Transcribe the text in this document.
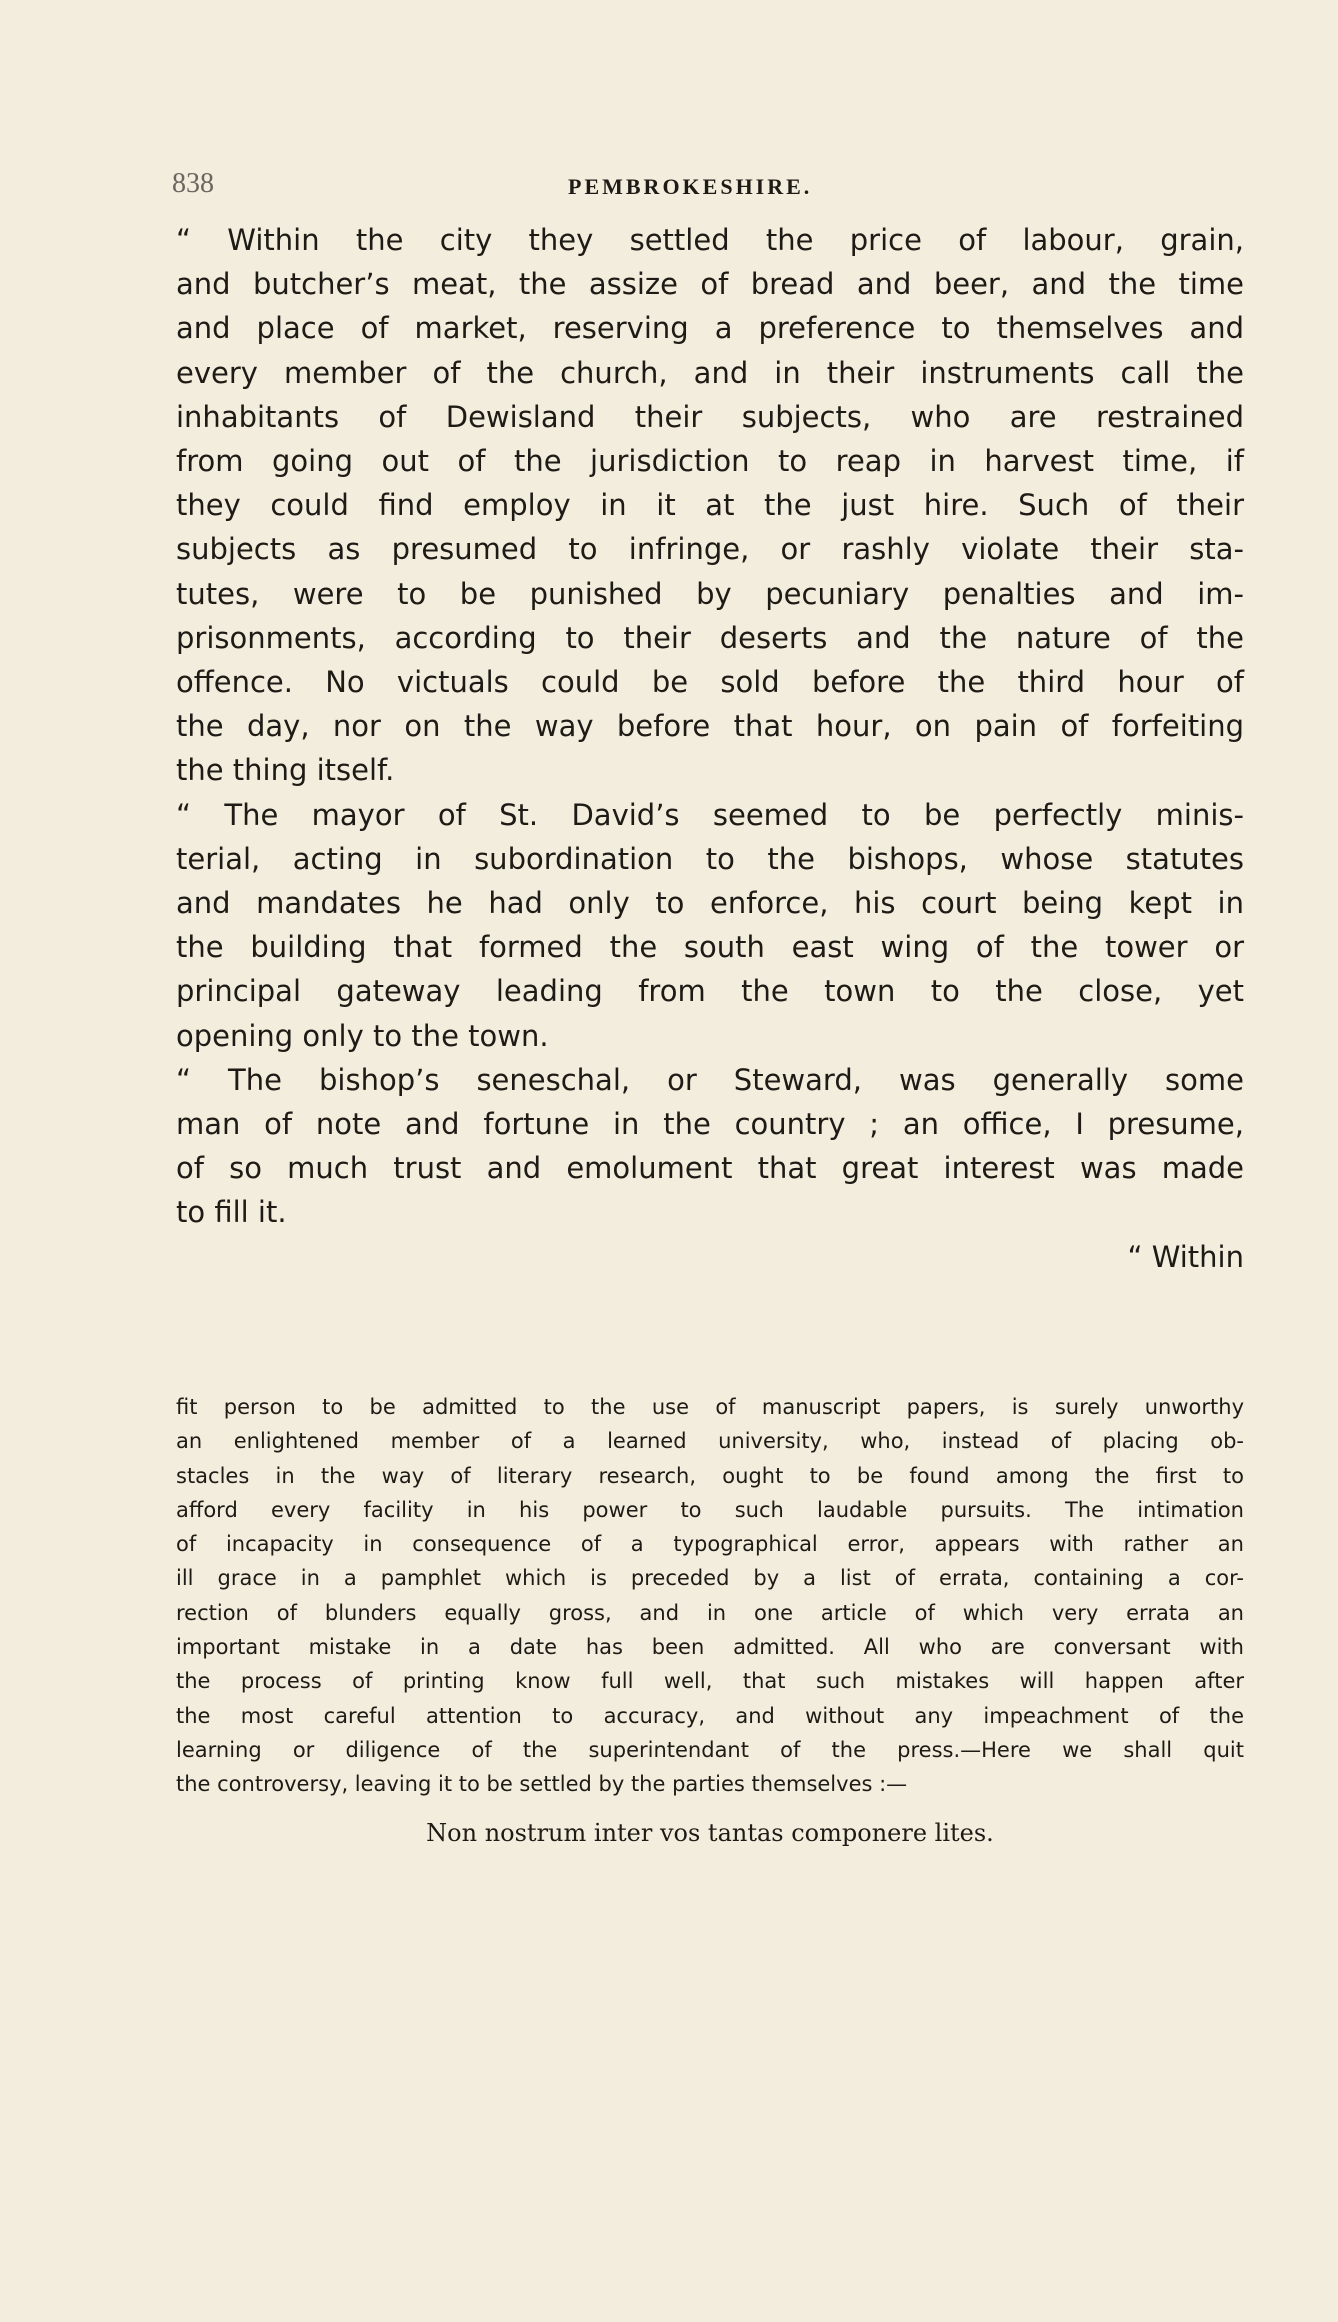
838	PEMBROKESHIRE.
“ Within the city they settled the price of labour, grain,
and butcher’s meat, the assize of bread and beer, and the time
and place of market, reserving a preference to themselves and
every member of the church, and in their instruments call the
inhabitants of Dewisland their subjects, who are restrained
from going out of the jurisdiction to reap in harvest time, if
they could find employ in it at the just hire. Such of their
subjects as presumed to infringe, or rashly violate their sta-
tutes, were to be punished by pecuniary penalties and im-
prisonments, according to their deserts and the nature of the
offence. No victuals could be sold before the third hour of
the day, nor on the way before that hour, on pain of forfeiting
the thing itself.
“ The mayor of St. David’s seemed to be perfectly minis-
terial, acting in subordination to the bishops, whose statutes
and mandates he had only to enforce, his court being kept in
the building that formed the south east wing of the tower or
principal gateway leading from the town to the close, yet
opening only to the town.
“ The bishop’s seneschal, or Steward, was generally some
man of note and fortune in the country ; an office, I presume,
of so much trust and emolument that great interest was made
to fill it.
“ Within
fit person to be admitted to the use of manuscript papers, is surely unworthy
an enlightened member of a learned university, who, instead of placing ob-
stacles in the way of literary research, ought to be found among the first to
afford every facility in his power to such laudable pursuits. The intimation
of incapacity in consequence of a typographical error, appears with rather an
ill grace in a pamphlet which is preceded by a list of errata, containing a cor-
rection of blunders equally gross, and in one article of which very errata an
important mistake in a date has been admitted. All who are conversant with
the process of printing know full well, that such mistakes will happen after
the most careful attention to accuracy, and without any impeachment of the
learning or diligence of the superintendant of the press.—Here we shall quit
the controversy, leaving it to be settled by the parties themselves :—
Non nostrum inter vos tantas componere lites.
